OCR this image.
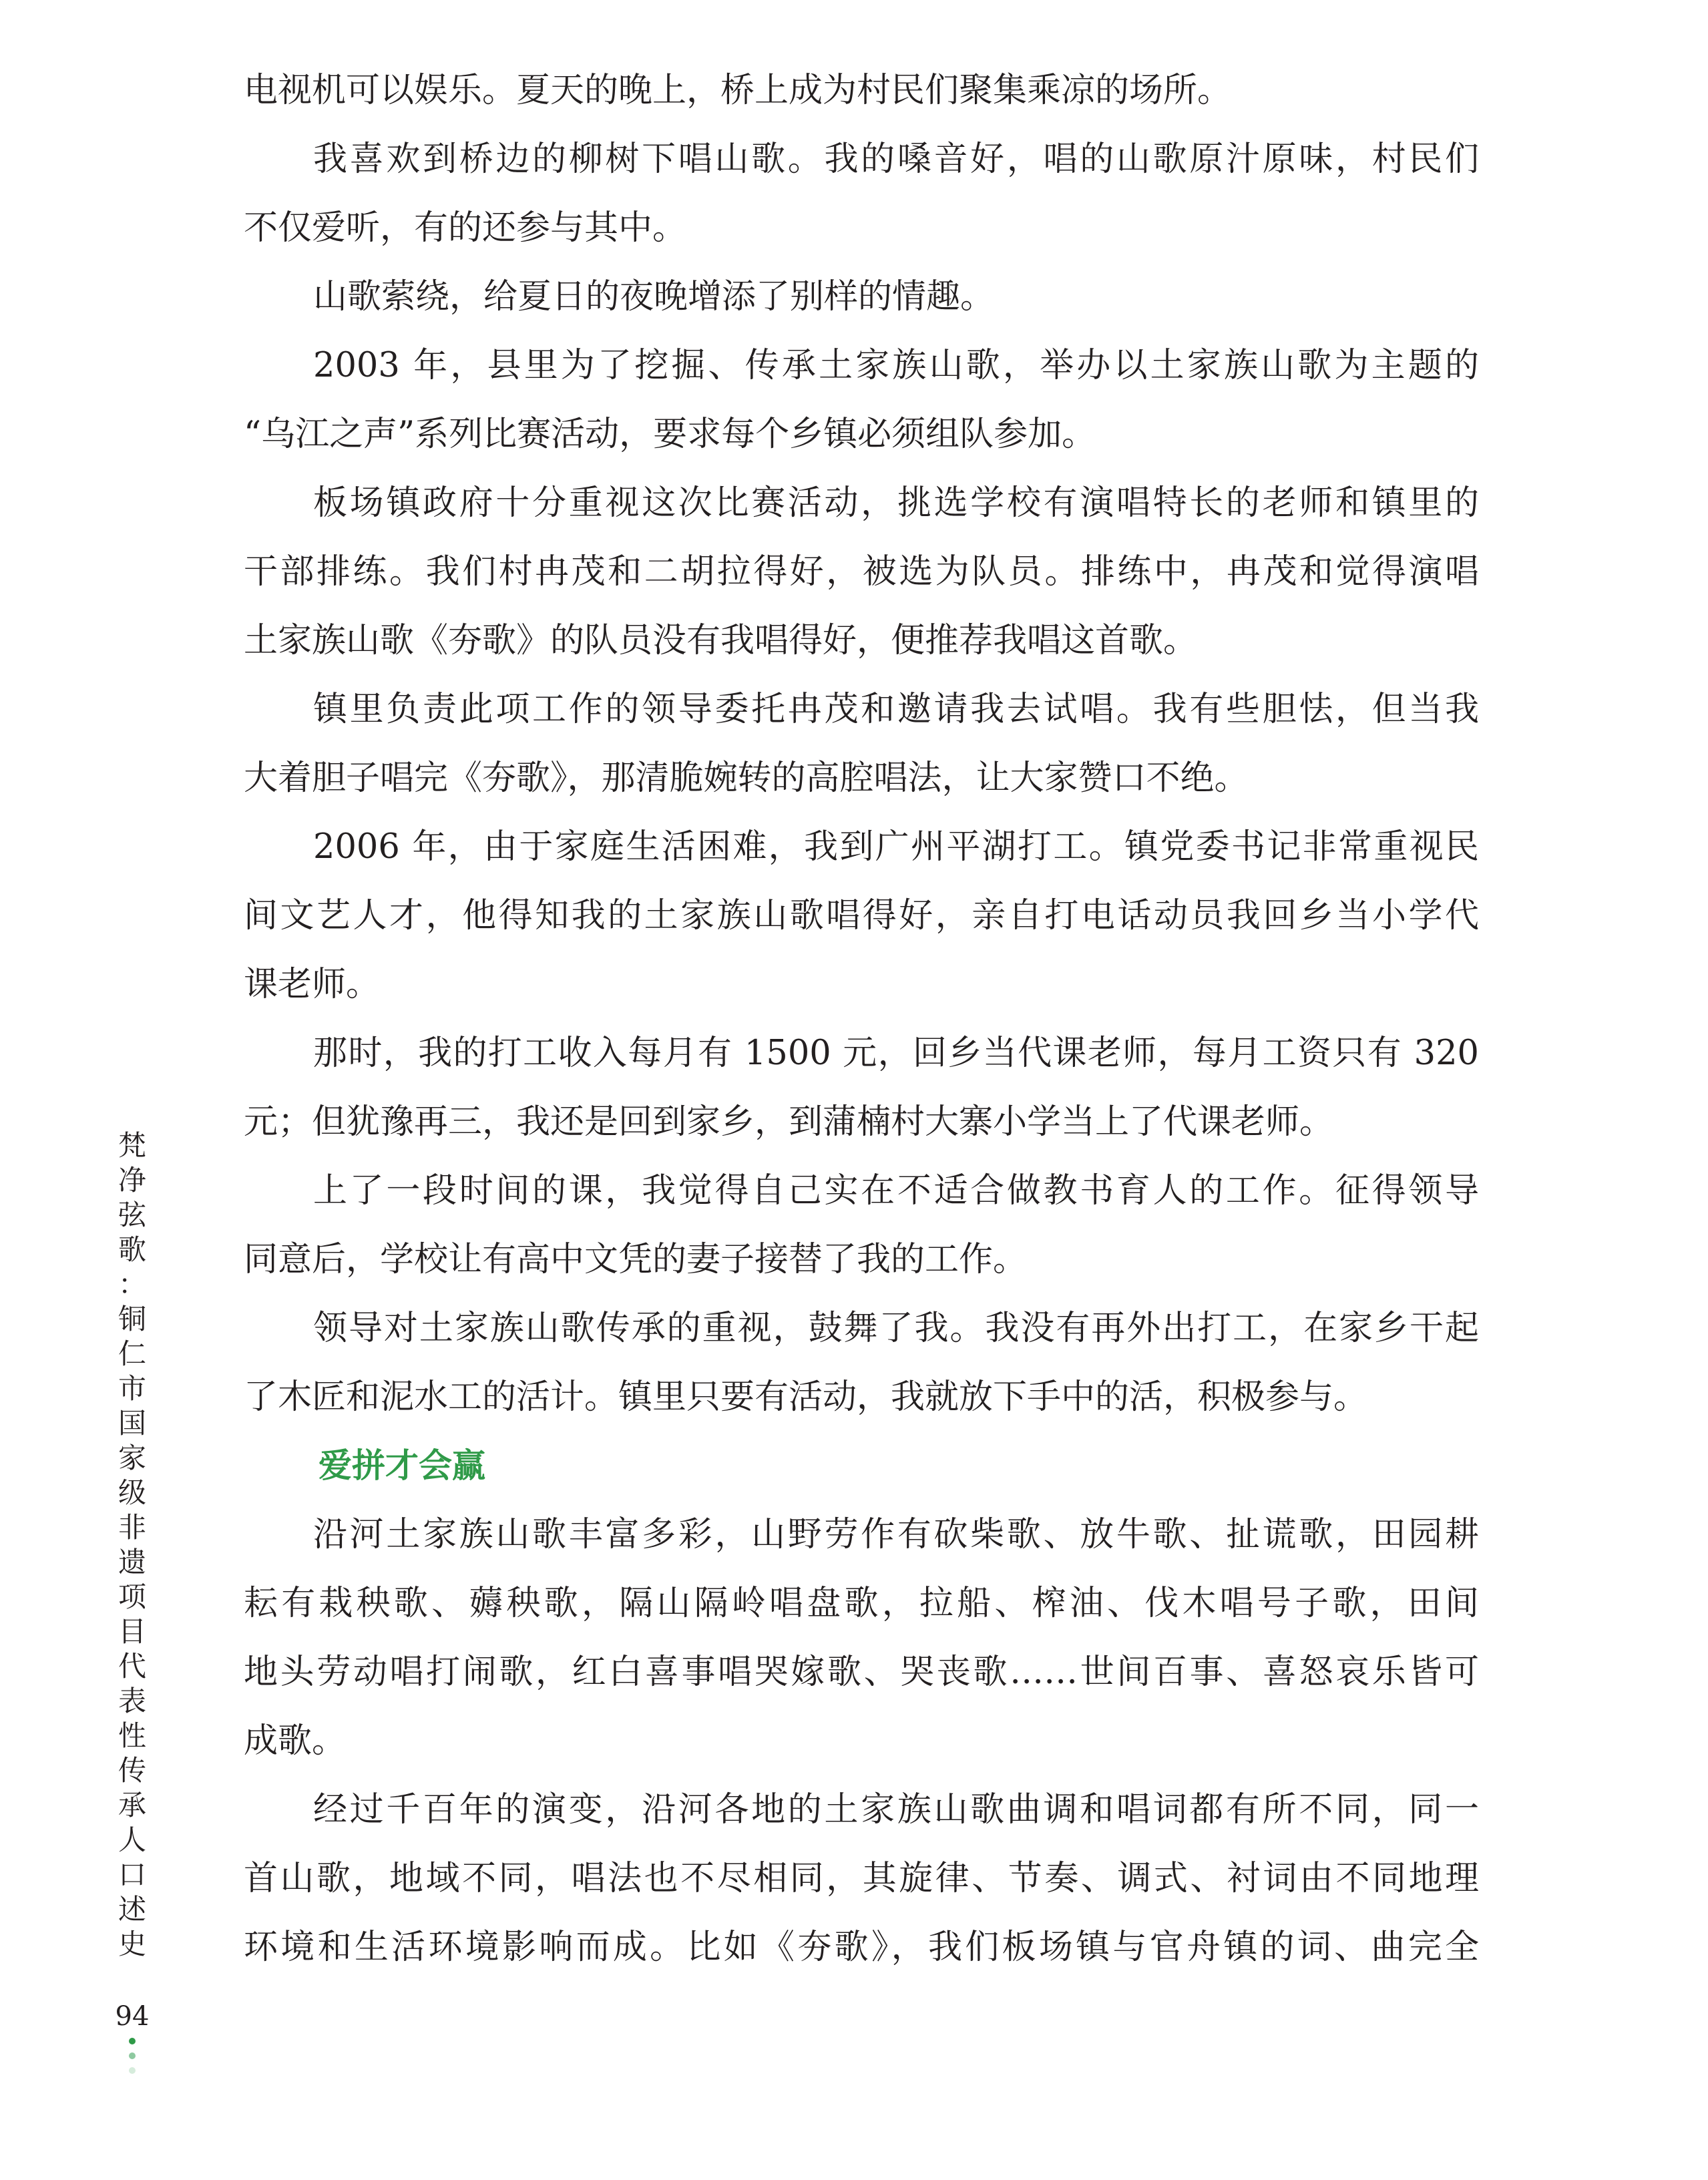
电视机可以娱乐。夏天的晚上，桥上成为村民们聚集乘凉的场所。
我喜欢到桥边的柳树下唱山歌。我的嗓音好，唱的山歌原汁原味，村民们
不仅爱听，有的还参与其中。
山歌萦绕，给夏日的夜晚增添了别样的情趣。
2003 年，县里为了挖掘、传承土家族山歌，举办以土家族山歌为主题的
“乌江之声”系列比赛活动，要求每个乡镇必须组队参加。
板场镇政府十分重视这次比赛活动，挑选学校有演唱特长的老师和镇里的
干部排练。我们村冉茂和二胡拉得好，被选为队员。排练中，冉茂和觉得演唱
土家族山歌《夯歌》的队员没有我唱得好，便推荐我唱这首歌。
镇里负责此项工作的领导委托冉茂和邀请我去试唱。我有些胆怯，但当我
大着胆子唱完《夯歌》，那清脆婉转的高腔唱法，让大家赞口不绝。
2006 年，由于家庭生活困难，我到广州平湖打工。镇党委书记非常重视民
间文艺人才，他得知我的土家族山歌唱得好，亲自打电话动员我回乡当小学代
课老师。
那时，我的打工收入每月有 1500 元，回乡当代课老师，每月工资只有 320
元；但犹豫再三，我还是回到家乡，到蒲楠村大寨小学当上了代课老师。
上了一段时间的课，我觉得自己实在不适合做教书育人的工作。征得领导
同意后，学校让有高中文凭的妻子接替了我的工作。
领导对土家族山歌传承的重视，鼓舞了我。我没有再外出打工，在家乡干起
了木匠和泥水工的活计。镇里只要有活动，我就放下手中的活，积极参与。
爱拼才会赢
沿河土家族山歌丰富多彩，山野劳作有砍柴歌、放牛歌、扯谎歌，田园耕
耘有栽秧歌、薅秧歌，隔山隔岭唱盘歌，拉船、榨油、伐木唱号子歌，田间
地头劳动唱打闹歌，红白喜事唱哭嫁歌、哭丧歌……世间百事、喜怒哀乐皆可
成歌。
经过千百年的演变，沿河各地的土家族山歌曲调和唱词都有所不同，同一
首山歌，地域不同，唱法也不尽相同，其旋律、节奏、调式、衬词由不同地理
环境和生活环境影响而成。比如《夯歌》，我们板场镇与官舟镇的词、曲完全
梵
净
弦
歌
：
铜
仁
市
国
家
级
非
遗
项
目
代
表
性
传
承
人
口
述
史
94
